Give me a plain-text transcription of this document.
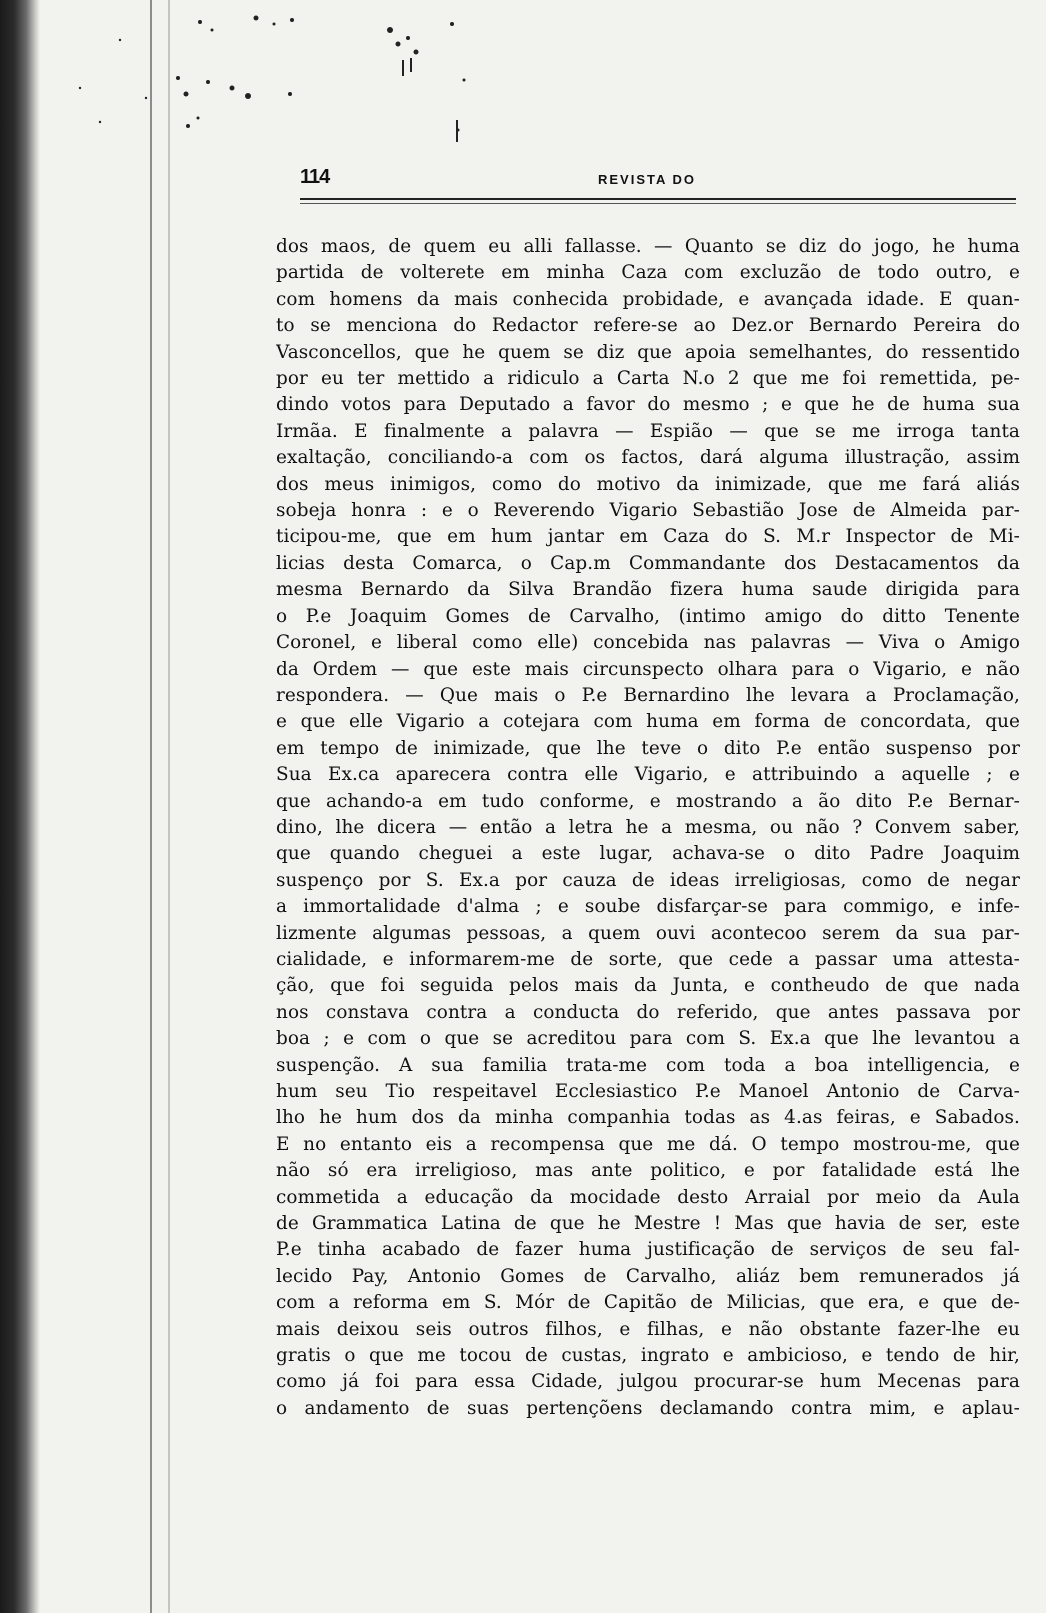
114	REVISTA DO
dos maos, de quem eu alli fallasse. — Quanto se diz do jogo, he huma
partida de volterete em minha Caza com excluzão de todo outro, e
com homens da mais conhecida probidade, e avançada idade. E quan-
to se menciona do Redactor refere-se ao Dez.or Bernardo Pereira do
Vasconcellos, que he quem se diz que apoia semelhantes, do ressentido
por eu ter mettido a ridiculo a Carta N.o 2 que me foi remettida, pe-
dindo votos para Deputado a favor do mesmo ; e que he de huma sua
Irmãa. E finalmente a palavra — Espião — que se me irroga tanta
exaltação, conciliando-a com os factos, dará alguma illustração, assim
dos meus inimigos, como do motivo da inimizade, que me fará aliás
sobeja honra : e o Reverendo Vigario Sebastião Jose de Almeida par-
ticipou-me, que em hum jantar em Caza do S. M.r Inspector de Mi-
licias desta Comarca, o Cap.m Commandante dos Destacamentos da
mesma Bernardo da Silva Brandão fizera huma saude dirigida para
o P.e Joaquim Gomes de Carvalho, (intimo amigo do ditto Tenente
Coronel, e liberal como elle) concebida nas palavras — Viva o Amigo
da Ordem — que este mais circunspecto olhara para o Vigario, e não
respondera. — Que mais o P.e Bernardino lhe levara a Proclamação,
e que elle Vigario a cotejara com huma em forma de concordata, que
em tempo de inimizade, que lhe teve o dito P.e então suspenso por
Sua Ex.ca aparecera contra elle Vigario, e attribuindo a aquelle ; e
que achando-a em tudo conforme, e mostrando a ão dito P.e Bernar-
dino, lhe dicera — então a letra he a mesma, ou não ? Convem saber,
que quando cheguei a este lugar, achava-se o dito Padre Joaquim
suspenço por S. Ex.a por cauza de ideas irreligiosas, como de negar
a immortalidade d'alma ; e soube disfarçar-se para commigo, e infe-
lizmente algumas pessoas, a quem ouvi acontecoo serem da sua par-
cialidade, e informarem-me de sorte, que cede a passar uma attesta-
ção, que foi seguida pelos mais da Junta, e contheudo de que nada
nos constava contra a conducta do referido, que antes passava por
boa ; e com o que se acreditou para com S. Ex.a que lhe levantou a
suspenção. A sua familia trata-me com toda a boa intelligencia, e
hum seu Tio respeitavel Ecclesiastico P.e Manoel Antonio de Carva-
lho he hum dos da minha companhia todas as 4.as feiras, e Sabados.
E no entanto eis a recompensa que me dá. O tempo mostrou-me, que
não só era irreligioso, mas ante politico, e por fatalidade está lhe
commetida a educação da mocidade desto Arraial por meio da Aula
de Grammatica Latina de que he Mestre ! Mas que havia de ser, este
P.e tinha acabado de fazer huma justificação de serviços de seu fal-
lecido Pay, Antonio Gomes de Carvalho, aliáz bem remunerados já
com a reforma em S. Mór de Capitão de Milicias, que era, e que de-
mais deixou seis outros filhos, e filhas, e não obstante fazer-lhe eu
gratis o que me tocou de custas, ingrato e ambicioso, e tendo de hir,
como já foi para essa Cidade, julgou procurar-se hum Mecenas para
o andamento de suas pertençõens declamando contra mim, e aplau-
